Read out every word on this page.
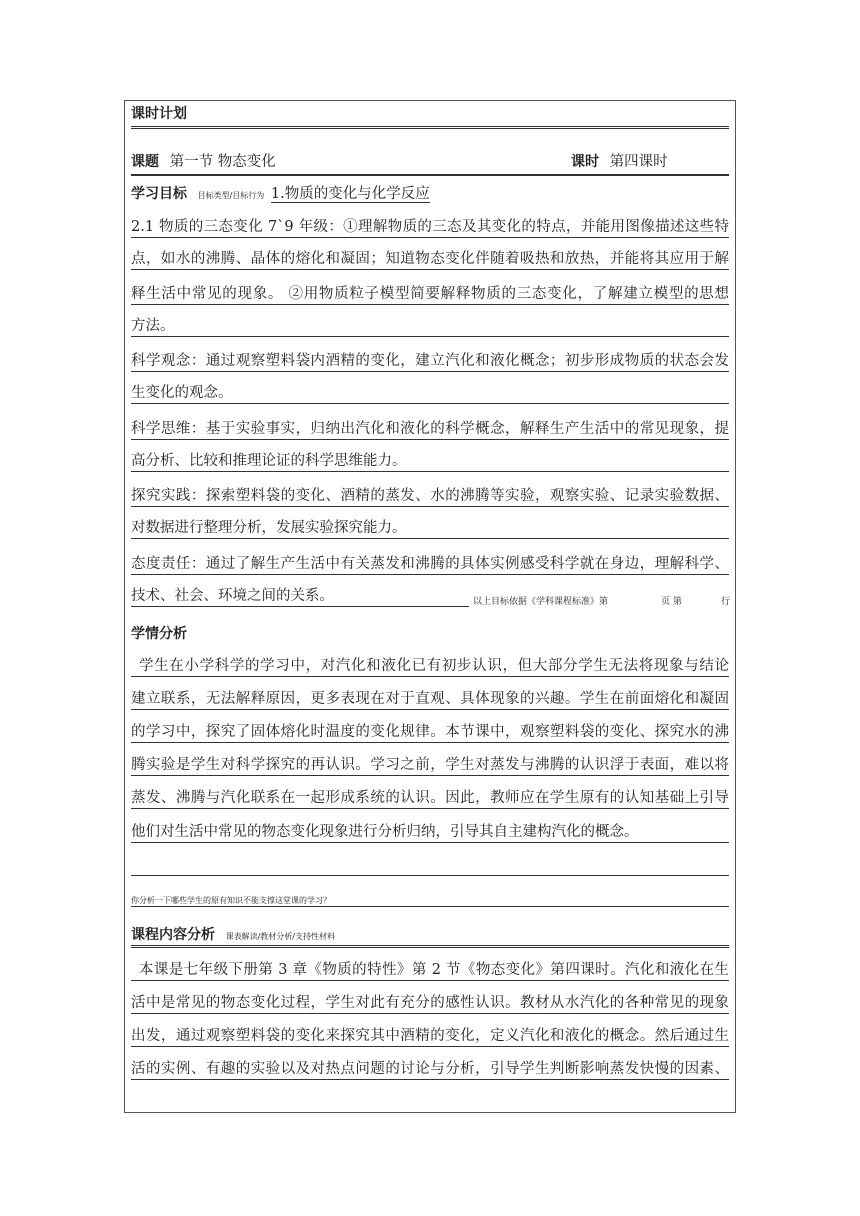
课时计划
课题 第一节 物态变化	课时 第四课时
学习目标 目标类型/目标行为 1.物质的变化与化学反应
2.1 物质的三态变化 7`9 年级：①理解物质的三态及其变化的特点，并能用图像描述这些特
点，如水的沸腾、晶体的熔化和凝固；知道物态变化伴随着吸热和放热，并能将其应用于解
释生活中常见的现象。 ②用物质粒子模型简要解释物质的三态变化，了解建立模型的思想
方法。
科学观念：通过观察塑料袋内酒精的变化，建立汽化和液化概念；初步形成物质的状态会发
生变化的观念。
科学思维：基于实验事实，归纳出汽化和液化的科学概念，解释生产生活中的常见现象，提
高分析、比较和推理论证的科学思维能力。
探究实践：探索塑料袋的变化、酒精的蒸发、水的沸腾等实验，观察实验、记录实验数据、
对数据进行整理分析，发展实验探究能力。
态度责任：通过了解生产生活中有关蒸发和沸腾的具体实例感受科学就在身边，理解科学、
技术、社会、环境之间的关系。	以上目标依据《学科课程标准》第	页 第	行
学情分析
学生在小学科学的学习中，对汽化和液化已有初步认识，但大部分学生无法将现象与结论
建立联系，无法解释原因，更多表现在对于直观、具体现象的兴趣。学生在前面熔化和凝固
的学习中，探究了固体熔化时温度的变化规律。本节课中，观察塑料袋的变化、探究水的沸
腾实验是学生对科学探究的再认识。学习之前，学生对蒸发与沸腾的认识浮于表面，难以将
蒸发、沸腾与汽化联系在一起形成系统的认识。因此，教师应在学生原有的认知基础上引导
他们对生活中常见的物态变化现象进行分析归纳，引导其自主建构汽化的概念。
你分析一下哪些学生的原有知识不能支撑这堂课的学习？
课程内容分析 课表解读/教材分析/支持性材料
本课是七年级下册第 3 章《物质的特性》第 2 节《物态变化》第四课时。汽化和液化在生
活中是常见的物态变化过程，学生对此有充分的感性认识。教材从水汽化的各种常见的现象
出发，通过观察塑料袋的变化来探究其中酒精的变化，定义汽化和液化的概念。然后通过生
活的实例、有趣的实验以及对热点问题的讨论与分析，引导学生判断影响蒸发快慢的因素、
